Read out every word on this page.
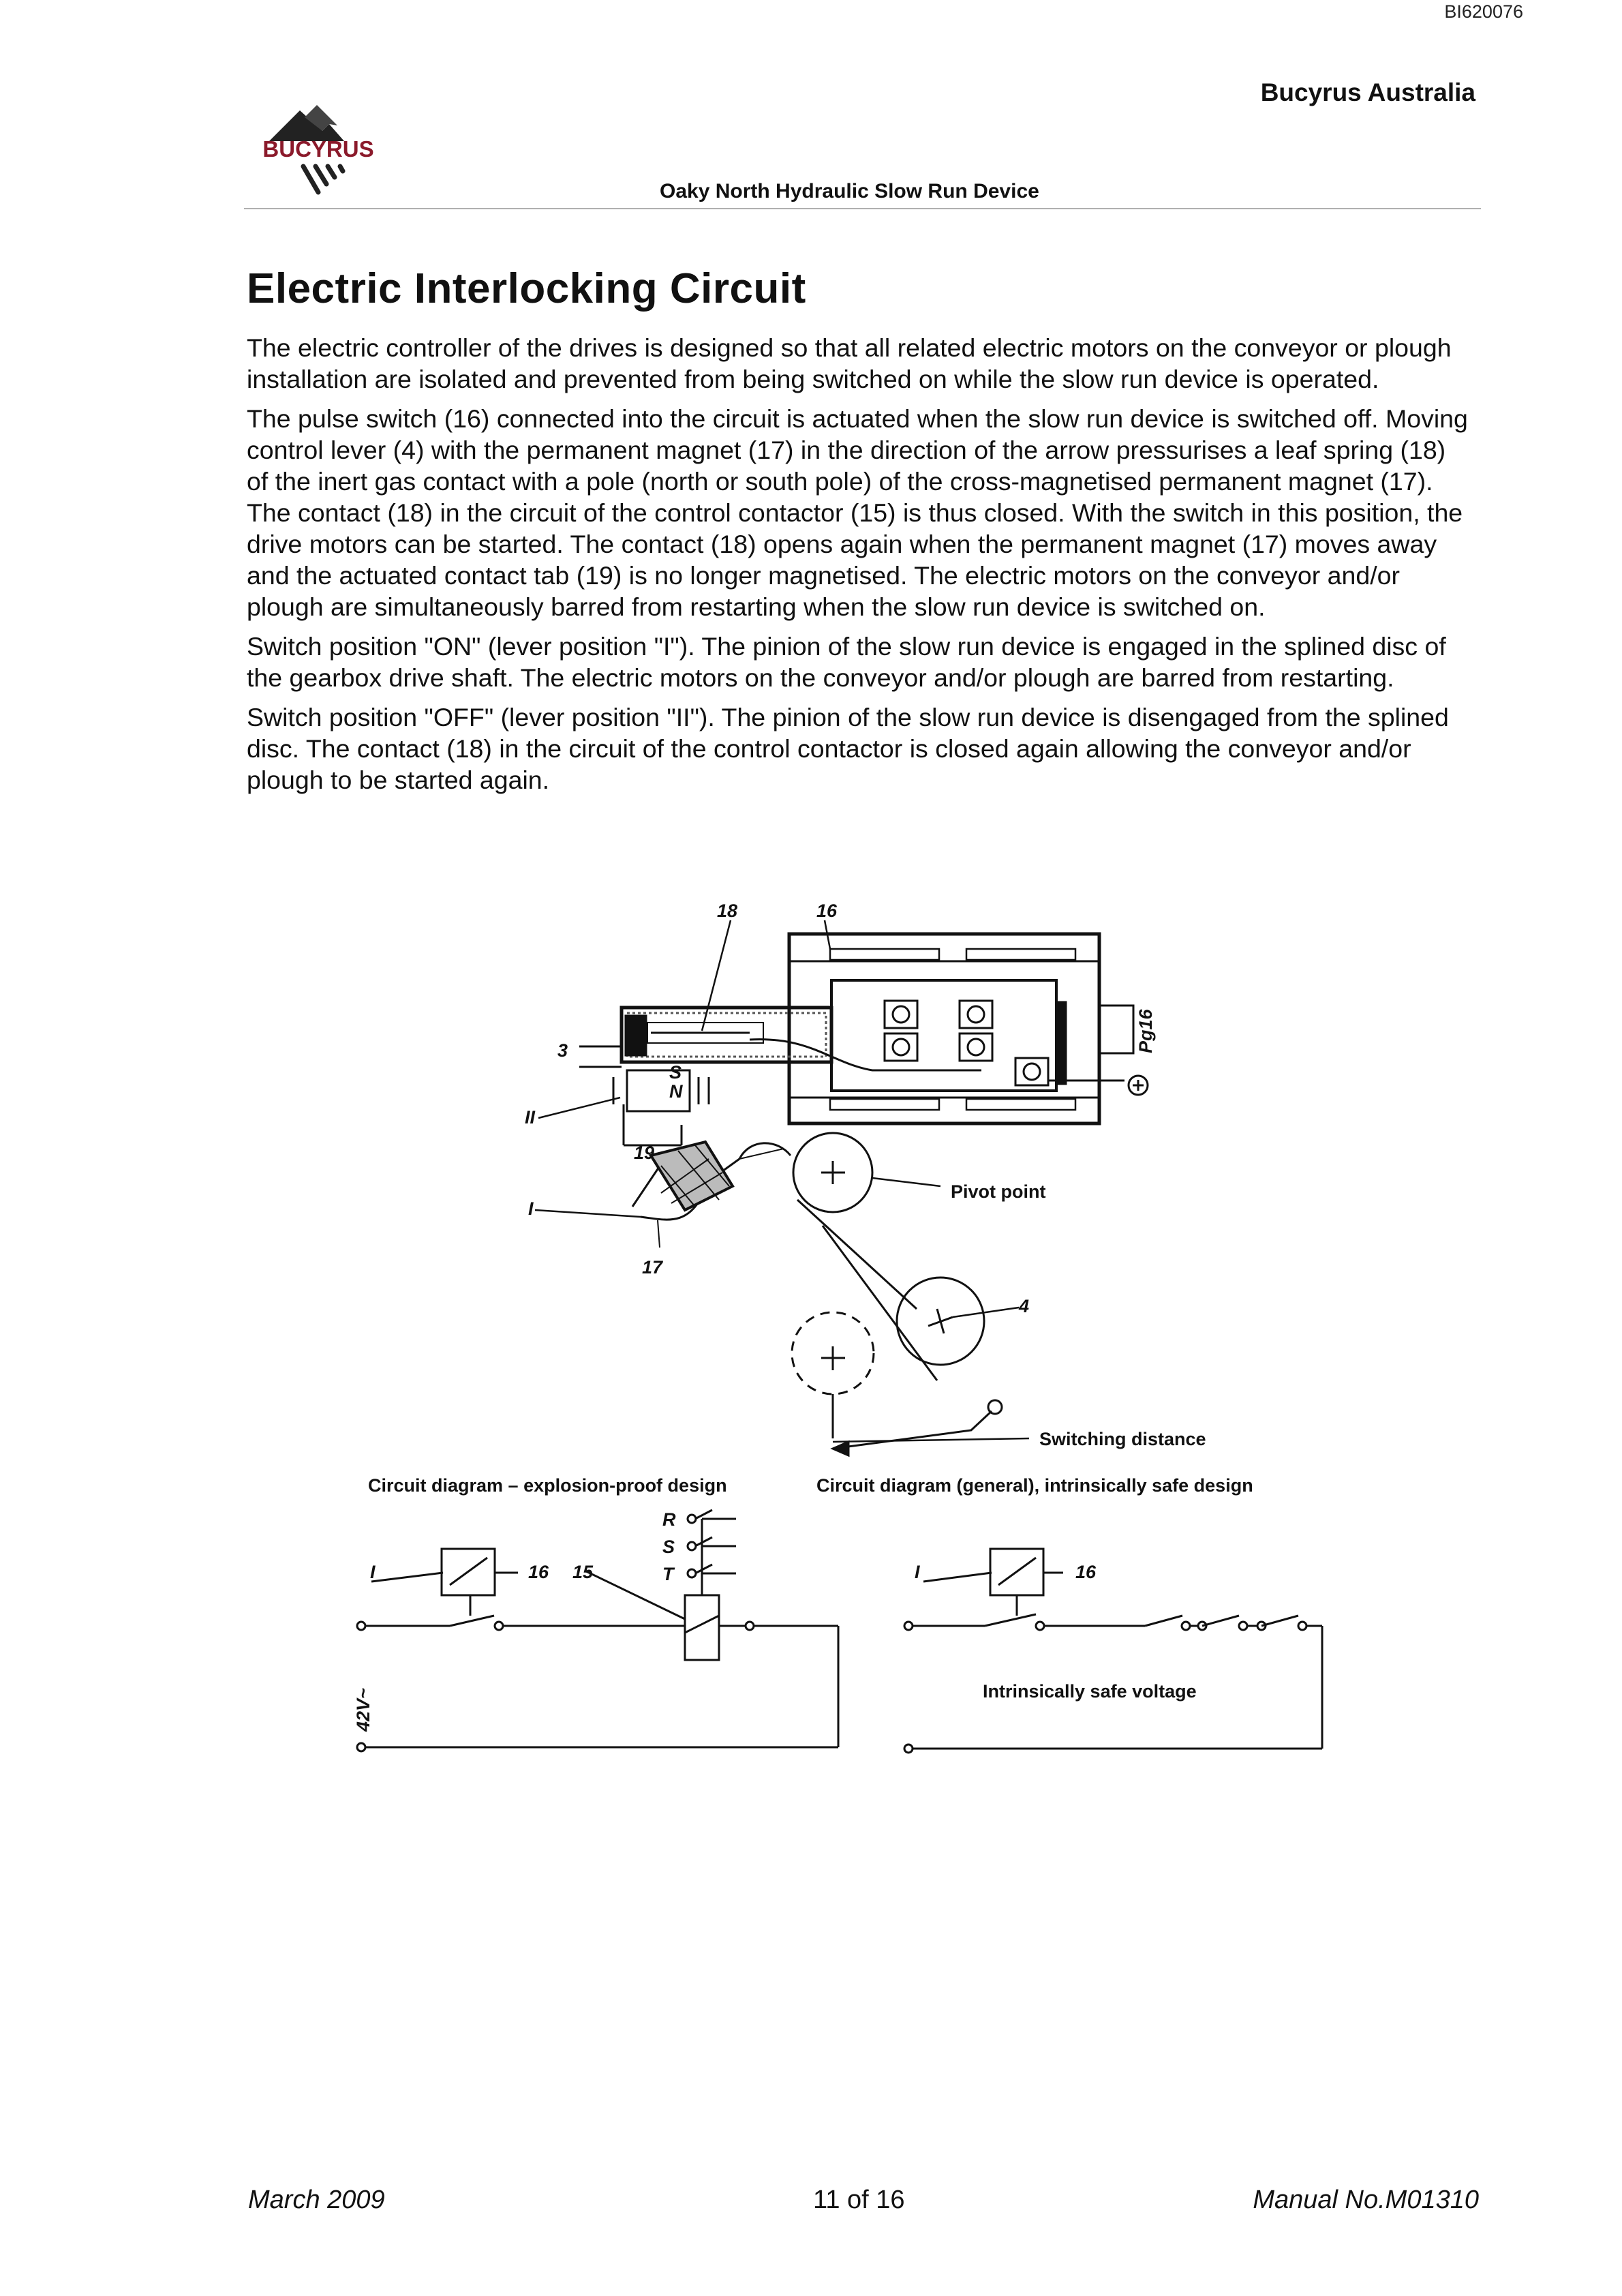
BI620076
Bucyrus Australia
BUCYRUS
Oaky North Hydraulic Slow Run Device
Electric Interlocking Circuit

The electric controller of the drives is designed so that all related electric motors on the conveyor or plough installation are isolated and prevented from being switched on while the slow run device is operated.

The pulse switch (16) connected into the circuit is actuated when the slow run device is switched off. Moving control lever (4) with the permanent magnet (17) in the direction of the arrow pressurises a leaf spring (18) of the inert gas contact with a pole (north or south pole) of the cross-magnetised permanent magnet (17). The contact (18) in the circuit of the control contactor (15) is thus closed. With the switch in this position, the drive motors can be started. The contact (18) opens again when the permanent magnet (17) moves away and the actuated contact tab (19) is no longer magnetised. The electric motors on the conveyor and/or plough are simultaneously barred from restarting when the slow run device is switched on.

Switch position "ON" (lever position "I"). The pinion of the slow run device is engaged in the splined disc of the gearbox drive shaft. The electric motors on the conveyor and/or plough are barred from restarting.

Switch position "OFF" (lever position "II"). The pinion of the slow run device is disengaged from the splined disc. The contact (18) in the circuit of the control contactor is closed again allowing the conveyor and/or plough to be started again.

18	16
3	Pg16
II
19
I
17
4
S
N
Pivot point
Switching distance
Circuit diagram – explosion-proof design
I	16 15
R
S
T
42V~
Circuit diagram (general), intrinsically safe design
I	16
Intrinsically safe voltage
March 2009	11 of 16	Manual No.M01310
